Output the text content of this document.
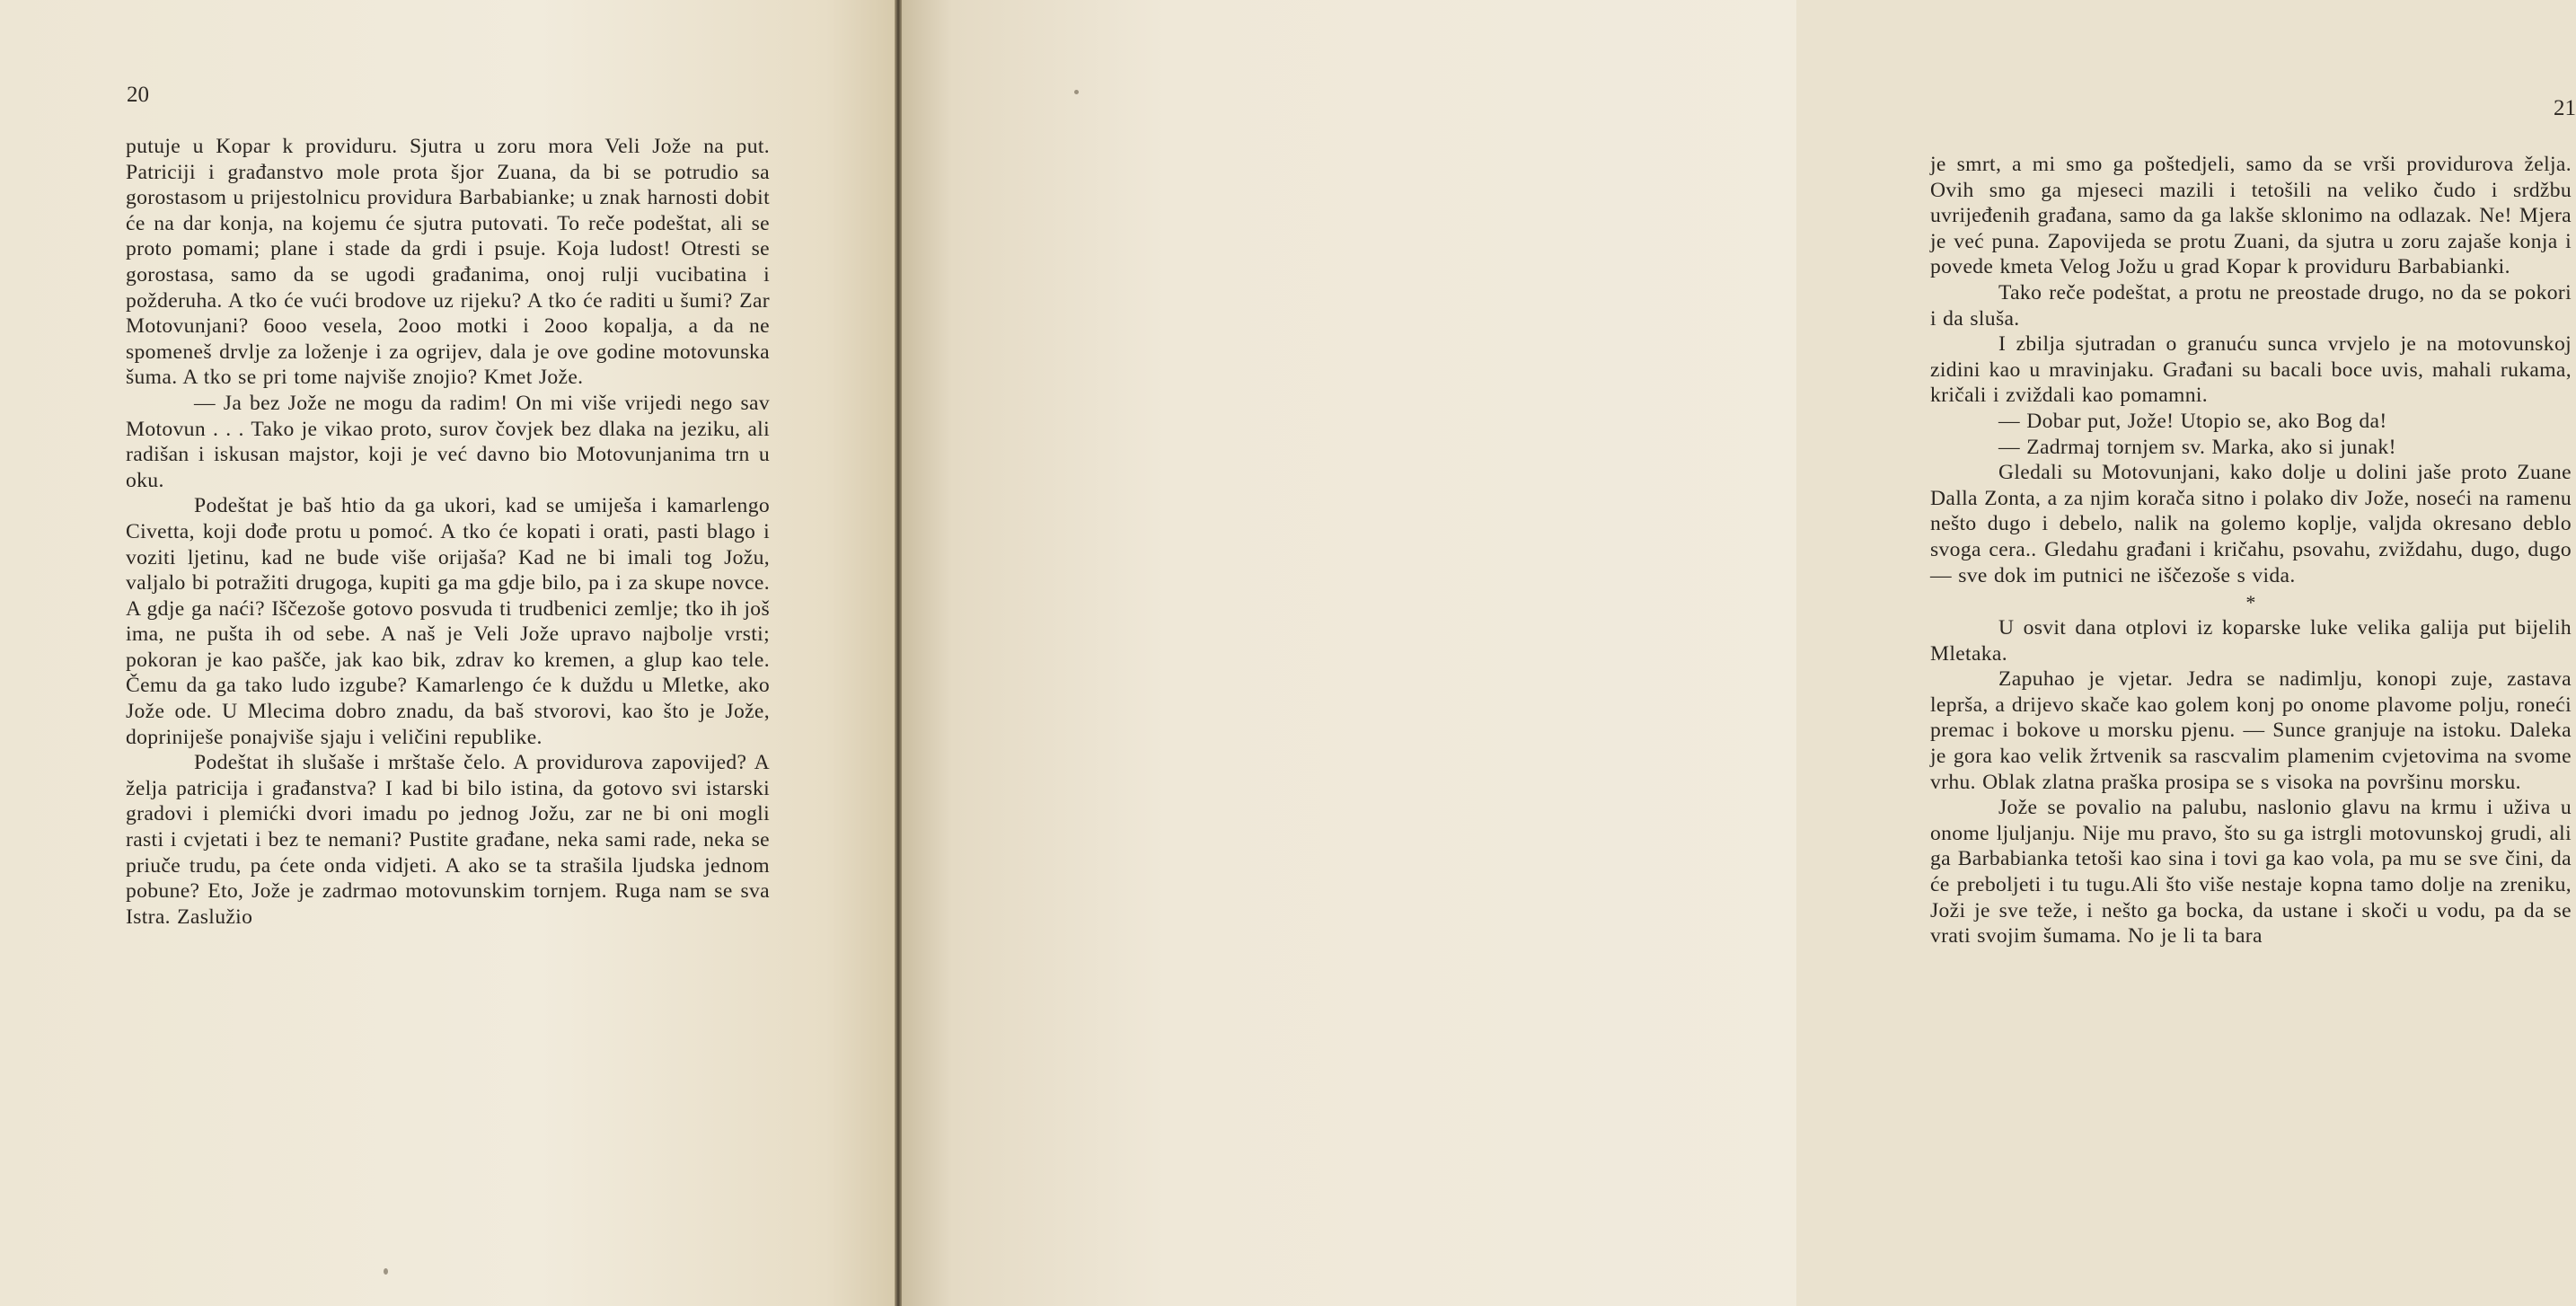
20

putuje u Kopar k providuru. Sjutra u zoru mora Veli Jože na put. Patriciji i građanstvo mole prota šjor Zuana, da bi se potrudio sa gorostasom u prijestolnicu providura Barbabianke; u znak harnosti dobit će na dar konja, na kojemu će sjutra putovati. To reče podeštat, ali se proto pomami; plane i stade da grdi i psuje. Koja ludost! Otresti se gorostasa, samo da se ugodi građanima, onoj rulji vucibatina i požderuha. A tko će vući brodove uz rijeku? A tko će raditi u šumi? Zar Motovunjani? 6ooo vesela, 2ooo motki i 2ooo kopalja, a da ne spomeneš drvlje za loženje i za ogrijev, dala je ove godine motovunska šuma. A tko se pri tome najviše znojio? Kmet Jože.

— Ja bez Jože ne mogu da radim! On mi više vrijedi nego sav Motovun . . . Tako je vikao proto, surov čovjek bez dlaka na jeziku, ali radišan i iskusan majstor, koji je već davno bio Motovunjanima trn u oku.

Podeštat je baš htio da ga ukori, kad se umiješa i kamarlengo Civetta, koji dođe protu u pomoć. A tko će kopati i orati, pasti blago i voziti ljetinu, kad ne bude više orijaša? Kad ne bi imali tog Jožu, valjalo bi potražiti drugoga, kupiti ga ma gdje bilo, pa i za skupe novce. A gdje ga naći? Iščezoše gotovo posvuda ti trudbenici zemlje; tko ih još ima, ne pušta ih od sebe. A naš je Veli Jože upravo najbolje vrsti; pokoran je kao pašče, jak kao bik, zdrav ko kremen, a glup kao tele. Čemu da ga tako ludo izgube? Kamarlengo će k duždu u Mletke, ako Jože ode. U Mlecima dobro znadu, da baš stvorovi, kao što je Jože, dopriniješe ponajviše sjaju i veličini republike.

Podeštat ih slušaše i mrštaše čelo. A providurova zapovijed? A želja patricija i građanstva? I kad bi bilo istina, da gotovo svi istarski gradovi i plemićki dvori imadu po jednog Jožu, zar ne bi oni mogli rasti i cvjetati i bez te nemani? Pustite građane, neka sami rade, neka se priuče trudu, pa ćete onda vidjeti. A ako se ta strašila ljudska jednom pobune? Eto, Jože je zadrmao motovunskim tornjem. Ruga nam se sva Istra. Zaslužio

21

je smrt, a mi smo ga poštedjeli, samo da se vrši providurova želja. Ovih smo ga mjeseci mazili i tetošili na veliko čudo i srdžbu uvrijeđenih građana, samo da ga lakše sklonimo na odlazak. Ne! Mjera je već puna. Zapovijeda se protu Zuani, da sjutra u zoru zajaše konja i povede kmeta Velog Jožu u grad Kopar k providuru Barbabianki.

Tako reče podeštat, a protu ne preostade drugo, no da se pokori i da sluša.

I zbilja sjutradan o granuću sunca vrvjelo je na motovunskoj zidini kao u mravinjaku. Građani su bacali boce uvis, mahali rukama, kričali i zviždali kao pomamni.

— Dobar put, Jože! Utopio se, ako Bog da!

— Zadrmaj tornjem sv. Marka, ako si junak!

Gledali su Motovunjani, kako dolje u dolini jaše proto Zuane Dalla Zonta, a za njim korača sitno i polako div Jože, noseći na ramenu nešto dugo i debelo, nalik na golemo koplje, valjda okresano deblo svoga cera.. Gledahu građani i kričahu, psovahu, zviždahu, dugo, dugo — sve dok im putnici ne iščezoše s vida.

*

U osvit dana otplovi iz koparske luke velika galija put bijelih Mletaka.

Zapuhao je vjetar. Jedra se nadimlju, konopi zuje, zastava leprša, a drijevo skače kao golem konj po onome plavome polju, roneći premac i bokove u morsku pjenu. — Sunce granjuje na istoku. Daleka je gora kao velik žrtvenik sa rascvalim plamenim cvjetovima na svome vrhu. Oblak zlatna praška prosipa se s visoka na površinu morsku.

Jože se povalio na palubu, naslonio glavu na krmu i uživa u onome ljuljanju. Nije mu pravo, što su ga istrgli motovunskoj grudi, ali ga Barbabianka tetoši kao sina i tovi ga kao vola, pa mu se sve čini, da će preboljeti i tu tugu.Ali što više nestaje kopna tamo dolje na zreniku, Joži je sve teže, i nešto ga bocka, da ustane i skoči u vodu, pa da se vrati svojim šumama. No je li ta bara
